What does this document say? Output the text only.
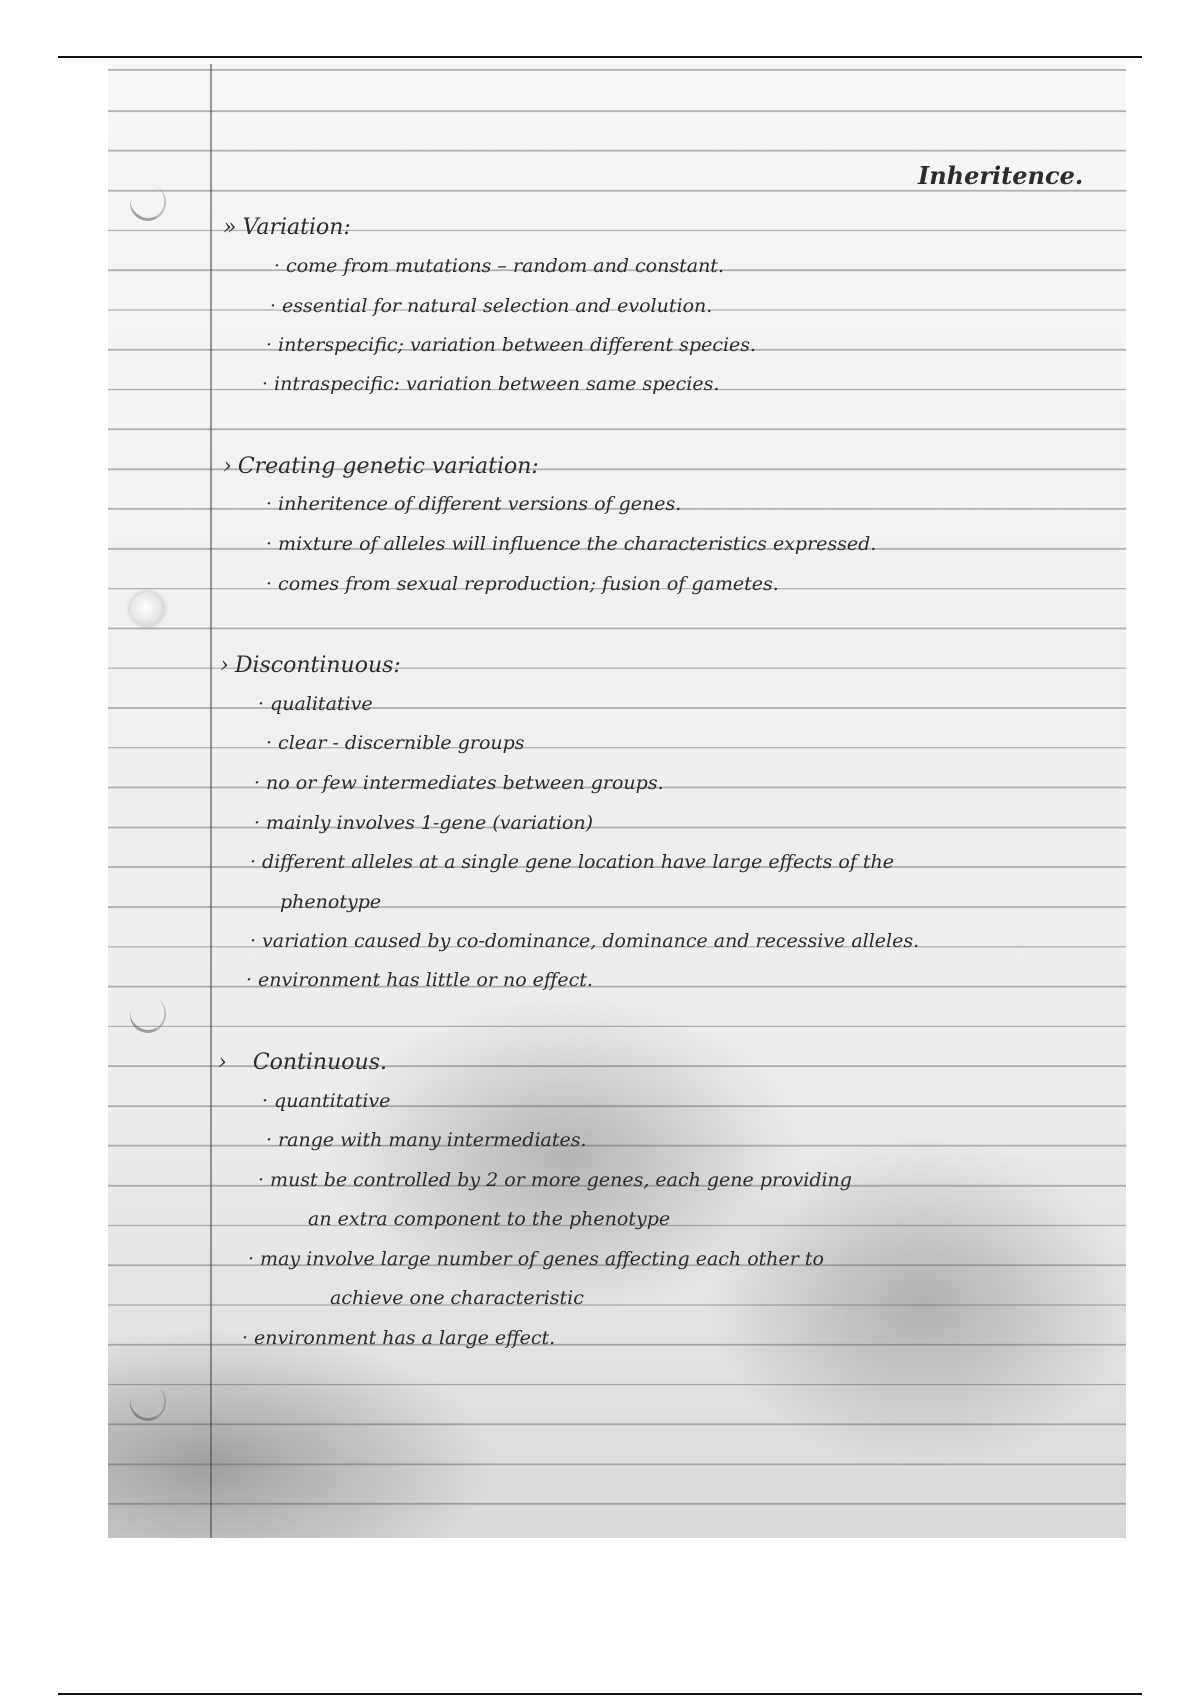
Inheritence.
» Variation:
· come from mutations – random and constant.
· essential for natural selection and evolution.
· interspecific; variation between different species.
· intraspecific: variation between same species.
› Creating genetic variation:
· inheritence of different versions of genes.
· mixture of alleles will influence the characteristics expressed.
· comes from sexual reproduction; fusion of gametes.
› Discontinuous:
· qualitative
· clear - discernible groups
· no or few intermediates between groups.
· mainly involves 1-gene (variation)
· different alleles at a single gene location have large effects of the
phenotype
· variation caused by co-dominance, dominance and recessive alleles.
· environment has little or no effect.
› Continuous.
· quantitative
· range with many intermediates.
· must be controlled by 2 or more genes, each gene providing
an extra component to the phenotype
· may involve large number of genes affecting each other to
achieve one characteristic
· environment has a large effect.
